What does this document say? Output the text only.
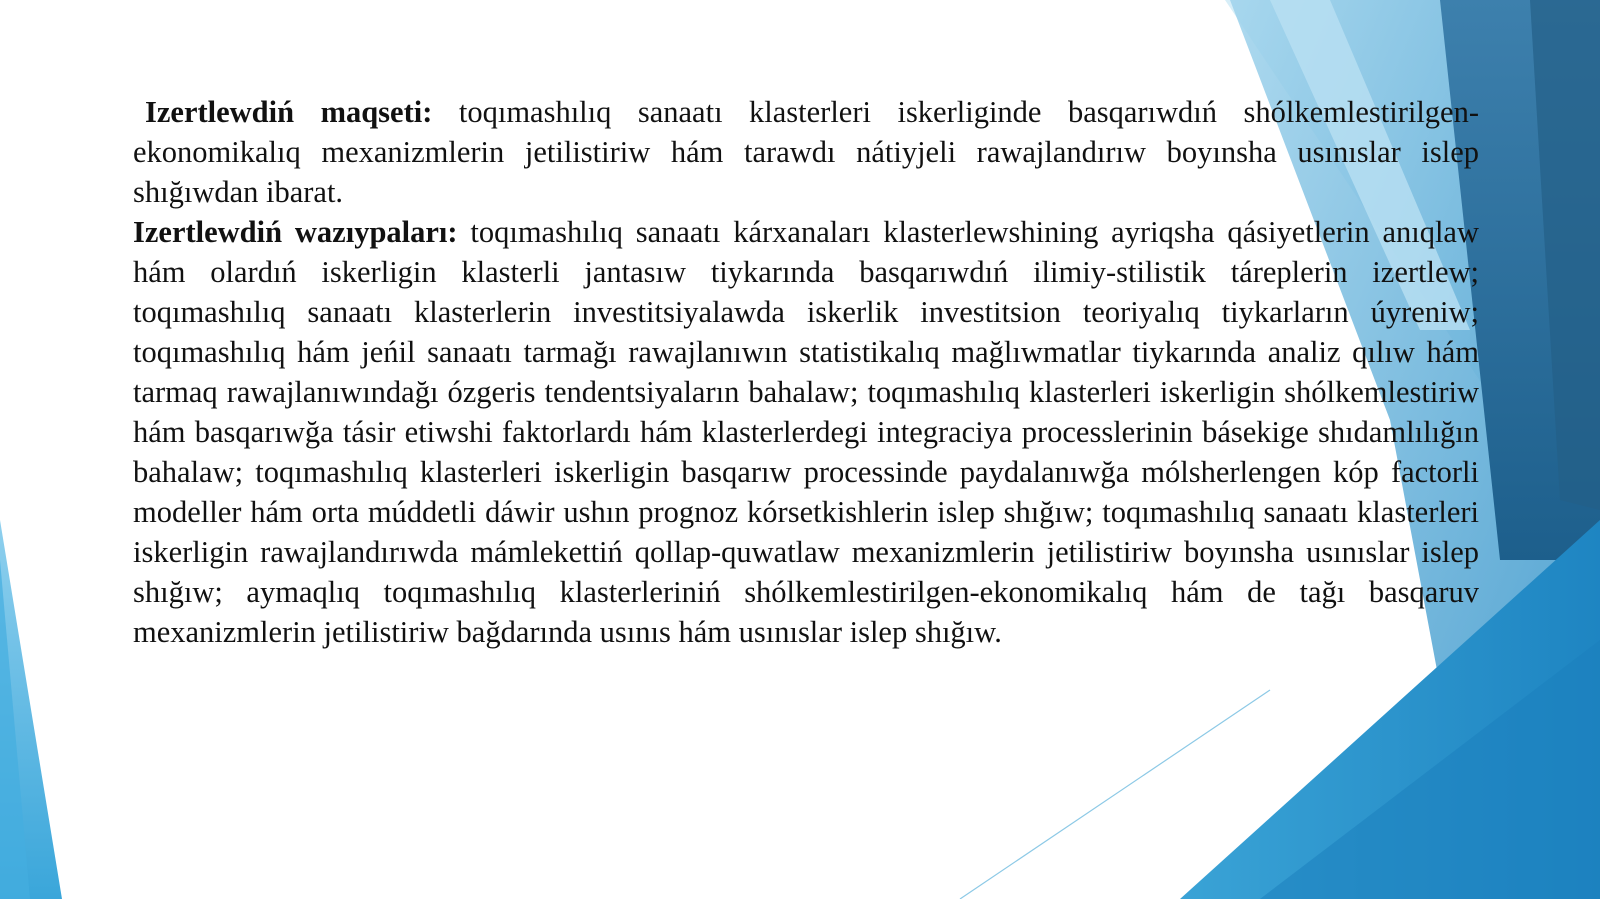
Izertlewdiń maqseti: toqımashılıq sanaatı klasterleri iskerliginde basqarıwdıń shólkemlestirilgen-ekonomikalıq mexanizmlerin jetilistiriw hám tarawdı nátiyjeli rawajlandırıw boyınsha usınıslar islep shığıwdan ibarat.

Izertlewdiń wazıypaları: toqımashılıq sanaatı kárxanaları klasterlewshining ayriqsha qásiyetlerin anıqlaw hám olardıń iskerligin klasterli jantasıw tiykarında basqarıwdıń ilimiy-stilistik táreplerin izertlew; toqımashılıq sanaatı klasterlerin investitsiyalawda iskerlik investitsion teoriyalıq tiykarların úyreniw; toqımashılıq hám jeńil sanaatı tarmağı rawajlanıwın statistikalıq mağlıwmatlar tiykarında analiz qılıw hám tarmaq rawajlanıwındağı ózgeris tendentsiyaların bahalaw; toqımashılıq klasterleri iskerligin shólkemlestiriw hám basqarıwğa tásir etiwshi faktorlardı hám klasterlerdegi integraciya processlerinin básekige shıdamlılığın bahalaw; toqımashılıq klasterleri iskerligin basqarıw processinde paydalanıwğa mólsherlengen kóp factorli modeller hám orta múddetli dáwir ushın prognoz kórsetkishlerin islep shığıw; toqımashılıq sanaatı klasterleri iskerligin rawajlandırıwda mámlekettiń qollap-quwatlaw mexanizmlerin jetilistiriw boyınsha usınıslar islep shığıw; aymaqlıq toqımashılıq klasterleriniń shólkemlestirilgen-ekonomikalıq hám de tağı basqaruv mexanizmlerin jetilistiriw bağdarında usınıs hám usınıslar islep shığıw.
